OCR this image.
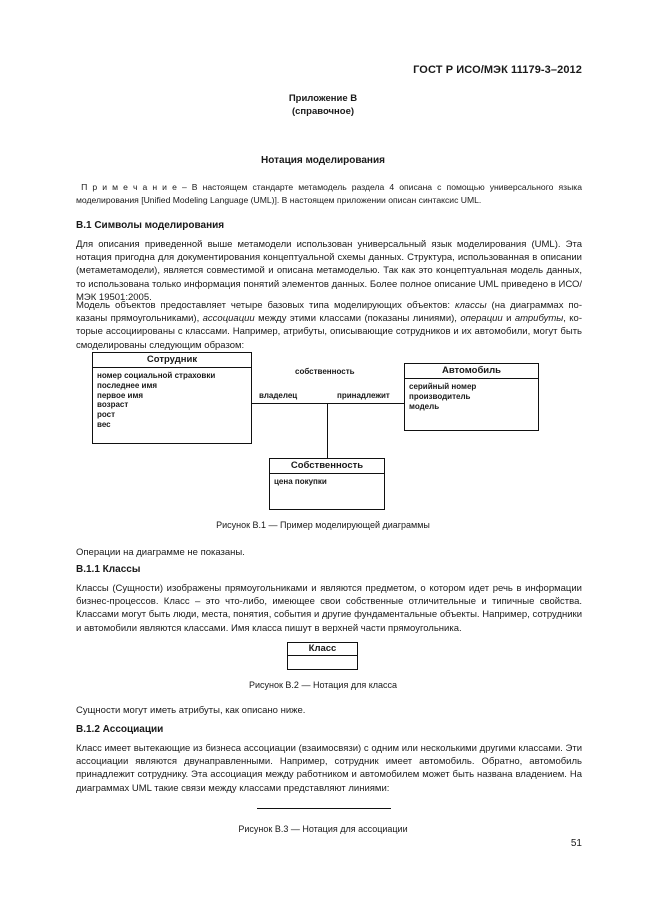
ГОСТ Р ИСО/МЭК 11179-3–2012
Приложение В
(справочное)
Нотация моделирования
П р и м е ч а н и е – В настоящем стандарте метамодель раздела 4 описана с помощью универсального языка моделирования [Unified Modeling Language (UML)]. В настоящем приложении описан синтаксис UML.
В.1 Символы моделирования
Для описания приведенной выше метамодели использован универсальный язык моделирования (UML). Эта нотация пригодна для документирования концептуальной схемы данных. Структура, использованная в описании (метаметамодели), является совместимой и описана метамоделью. Так как это концептуальная модель данных, то использована только информация понятий элементов данных. Более полное описание UML приведено в ИСО/МЭК 19501:2005.
Модель объектов предоставляет четыре базовых типа моделирующих объектов: классы (на диаграммах показаны прямоугольниками), ассоциации между этими классами (показаны линиями), операции и атрибуты, которые ассоциированы с классами. Например, атрибуты, описывающие сотрудников и их автомобили, могут быть смоделированы следующим образом:
Сотрудник
номер социальной страховки
последнее имя
первое имя
возраст
рост
вес
Автомобиль
серийный номер
производитель
модель
Собственность
цена покупки
собственность
владелец	принадлежит
Рисунок В.1 — Пример моделирующей диаграммы
Операции на диаграмме не показаны.
В.1.1 Классы
Классы (Сущности) изображены прямоугольниками и являются предметом, о котором идет речь в информации бизнес-процессов. Класс – это что-либо, имеющее свои собственные отличительные и типичные свойства. Классами могут быть люди, места, понятия, события и другие фундаментальные объекты. Например, сотрудники и автомобили являются классами. Имя класса пишут в верхней части прямоугольника.
Класс
Рисунок В.2 — Нотация для класса
Сущности могут иметь атрибуты, как описано ниже.
В.1.2 Ассоциации
Класс имеет вытекающие из бизнеса ассоциации (взаимосвязи) с одним или несколькими другими классами. Эти ассоциации являются двунаправленными. Например, сотрудник имеет автомобиль. Обратно, автомобиль принадлежит сотруднику. Эта ассоциация между работником и автомобилем может быть названа владением. На диаграммах UML такие связи между классами представляют линиями:
Рисунок В.3 — Нотация для ассоциации
51
